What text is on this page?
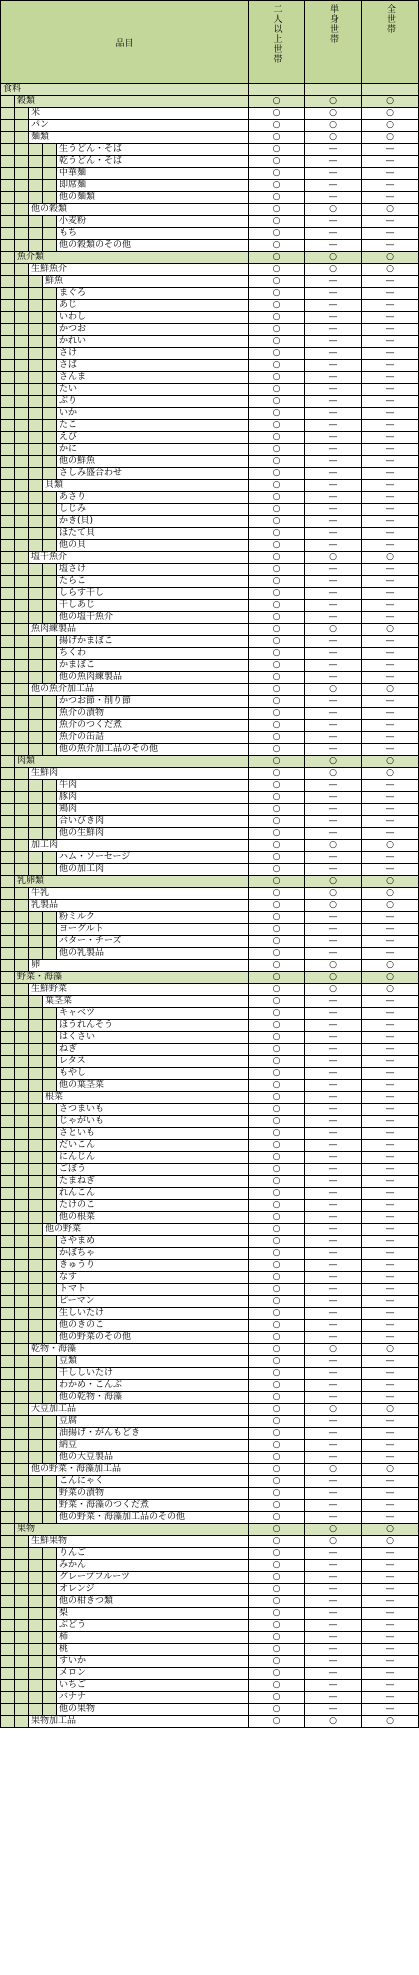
品目	二人以上世帯	単身世帯	全世帯

食料			

穀類	○	○	○

米	○	○	○

パン	○	○	○

麺類	○	○	○

生うどん・そば	○	—	—

乾うどん・そば	○	—	—

中華麺	○	—	—

即席麺	○	—	—

他の麺類	○	—	—

他の穀類	○	○	○

小麦粉	○	—	—

もち	○	—	—

他の穀類のその他	○	—	—

魚介類	○	○	○

生鮮魚介	○	○	○

鮮魚	○	—	—

まぐろ	○	—	—

あじ	○	—	—

いわし	○	—	—

かつお	○	—	—

かれい	○	—	—

さけ	○	—	—

さば	○	—	—

さんま	○	—	—

たい	○	—	—

ぶり	○	—	—

いか	○	—	—

たこ	○	—	—

えび	○	—	—

かに	○	—	—

他の鮮魚	○	—	—

さしみ盛合わせ	○	—	—

貝類	○	—	—

あさり	○	—	—

しじみ	○	—	—

かき(貝)	○	—	—

ほたて貝	○	—	—

他の貝	○	—	—

塩干魚介	○	○	○

塩さけ	○	—	—

たらこ	○	—	—

しらす干し	○	—	—

干しあじ	○	—	—

他の塩干魚介	○	—	—

魚肉練製品	○	○	○

揚げかまぼこ	○	—	—

ちくわ	○	—	—

かまぼこ	○	—	—

他の魚肉練製品	○	—	—

他の魚介加工品	○	○	○

かつお節・削り節	○	—	—

魚介の漬物	○	—	—

魚介のつくだ煮	○	—	—

魚介の缶詰	○	—	—

他の魚介加工品のその他	○	—	—

肉類	○	○	○

生鮮肉	○	○	○

牛肉	○	—	—

豚肉	○	—	—

鶏肉	○	—	—

合いびき肉	○	—	—

他の生鮮肉	○	—	—

加工肉	○	○	○

ハム・ソーセージ	○	—	—

他の加工肉	○	—	—

乳卵類	○	○	○

牛乳	○	○	○

乳製品	○	○	○

粉ミルク	○	—	—

ヨーグルト	○	—	—

バター・チーズ	○	—	—

他の乳製品	○	—	—

卵	○	○	○

野菜・海藻	○	○	○

生鮮野菜	○	○	○

葉茎菜	○	—	—

キャベツ	○	—	—

ほうれんそう	○	—	—

はくさい	○	—	—

ねぎ	○	—	—

レタス	○	—	—

もやし	○	—	—

他の葉茎菜	○	—	—

根菜	○	—	—

さつまいも	○	—	—

じゃがいも	○	—	—

さといも	○	—	—

だいこん	○	—	—

にんじん	○	—	—

ごぼう	○	—	—

たまねぎ	○	—	—

れんこん	○	—	—

たけのこ	○	—	—

他の根菜	○	—	—

他の野菜	○	—	—

さやまめ	○	—	—

かぼちゃ	○	—	—

きゅうり	○	—	—

なす	○	—	—

トマト	○	—	—

ピーマン	○	—	—

生しいたけ	○	—	—

他のきのこ	○	—	—

他の野菜のその他	○	—	—

乾物・海藻	○	○	○

豆類	○	—	—

干ししいたけ	○	—	—

わかめ・こんぶ	○	—	—

他の乾物・海藻	○	—	—

大豆加工品	○	○	○

豆腐	○	—	—

油揚げ・がんもどき	○	—	—

納豆	○	—	—

他の大豆製品	○	—	—

他の野菜・海藻加工品	○	○	○

こんにゃく	○	—	—

野菜の漬物	○	—	—

野菜・海藻のつくだ煮	○	—	—

他の野菜・海藻加工品のその他	○	—	—

果物	○	○	○

生鮮果物	○	○	○

りんご	○	—	—

みかん	○	—	—

グレープフルーツ	○	—	—

オレンジ	○	—	—

他の柑きつ類	○	—	—

梨	○	—	—

ぶどう	○	—	—

柿	○	—	—

桃	○	—	—

すいか	○	—	—

メロン	○	—	—

いちご	○	—	—

バナナ	○	—	—

他の果物	○	—	—

果物加工品	○	○	○
